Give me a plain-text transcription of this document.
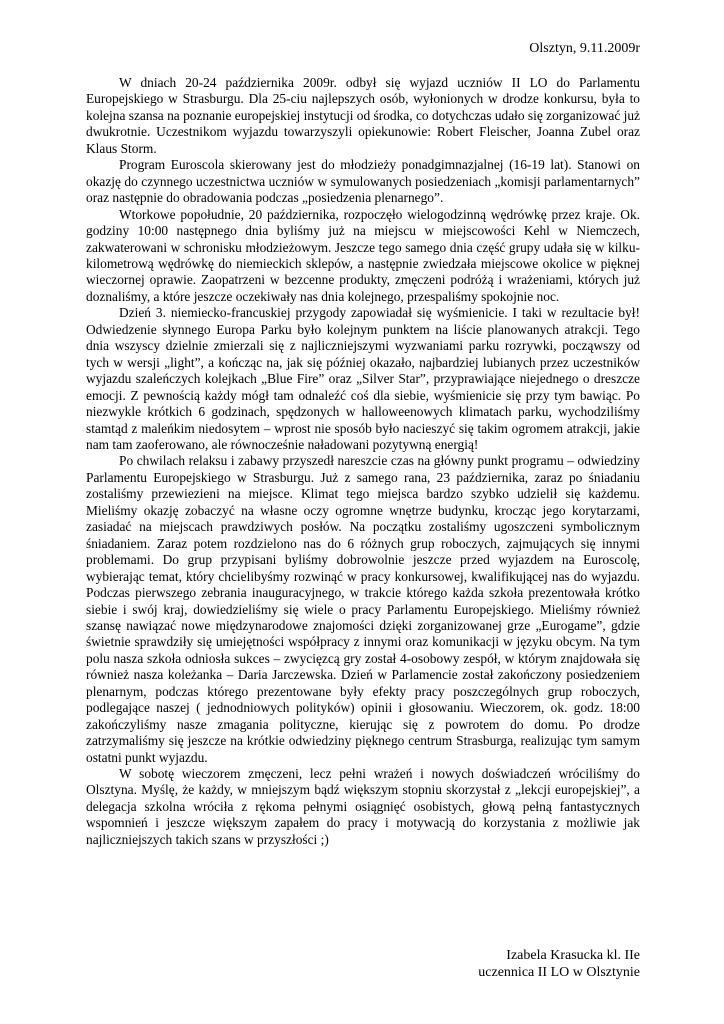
Olsztyn, 9.11.2009r

W dniach 20-24 października 2009r. odbył się wyjazd uczniów II LO do Parlamentu Europejskiego w Strasburgu. Dla 25-ciu najlepszych osób, wyłonionych w drodze konkursu, była to kolejna szansa na poznanie europejskiej instytucji od środka, co dotychczas udało się zorganizować już dwukrotnie. Uczestnikom wyjazdu towarzyszyli opiekunowie: Robert Fleischer, Joanna Zubel oraz Klaus Storm.

Program Euroscola skierowany jest do młodzieży ponadgimnazjalnej (16-19 lat). Stanowi on okazję do czynnego uczestnictwa uczniów w symulowanych posiedzeniach „komisji parlamentarnych” oraz następnie do obradowania podczas „posiedzenia plenarnego”.

Wtorkowe popołudnie, 20 października, rozpoczęło wielogodzinną wędrówkę przez kraje. Ok. godziny 10:00 następnego dnia byliśmy już na miejscu w miejscowości Kehl w Niemczech, zakwaterowani w schronisku młodzieżowym. Jeszcze tego samego dnia część grupy udała się w kilku-kilometrową wędrówkę do niemieckich sklepów, a następnie zwiedzała miejscowe okolice w pięknej wieczornej oprawie. Zaopatrzeni w bezcenne produkty, zmęczeni podróżą i wrażeniami, których już doznaliśmy, a które jeszcze oczekiwały nas dnia kolejnego, przespaliśmy spokojnie noc.

Dzień 3. niemiecko-francuskiej przygody zapowiadał się wyśmienicie. I taki w rezultacie był! Odwiedzenie słynnego Europa Parku było kolejnym punktem na liście planowanych atrakcji. Tego dnia wszyscy dzielnie zmierzali się z najliczniejszymi wyzwaniami parku rozrywki, począwszy od tych w wersji „light”, a kończąc na, jak się później okazało, najbardziej lubianych przez uczestników wyjazdu szaleńczych kolejkach „Blue Fire” oraz „Silver Star”, przyprawiające niejednego o dreszcze emocji. Z pewnością każdy mógł tam odnaleźć coś dla siebie, wyśmienicie się przy tym bawiąc. Po niezwykle krótkich 6 godzinach, spędzonych w halloweenowych klimatach parku, wychodziliśmy stamtąd z maleńkim niedosytem – wprost nie sposób było nacieszyć się takim ogromem atrakcji, jakie nam tam zaoferowano, ale równocześnie naładowani pozytywną energią!

Po chwilach relaksu i zabawy przyszedł nareszcie czas na główny punkt programu – odwiedziny Parlamentu Europejskiego w Strasburgu. Już z samego rana, 23 października, zaraz po śniadaniu zostaliśmy przewiezieni na miejsce. Klimat tego miejsca bardzo szybko udzielił się każdemu. Mieliśmy okazję zobaczyć na własne oczy ogromne wnętrze budynku, krocząc jego korytarzami, zasiadać na miejscach prawdziwych posłów. Na początku zostaliśmy ugoszczeni symbolicznym śniadaniem. Zaraz potem rozdzielono nas do 6 różnych grup roboczych, zajmujących się innymi problemami. Do grup przypisani byliśmy dobrowolnie jeszcze przed wyjazdem na Euroscolę, wybierając temat, który chcielibyśmy rozwinąć w pracy konkursowej, kwalifikującej nas do wyjazdu. Podczas pierwszego zebrania inauguracyjnego, w trakcie którego każda szkoła prezentowała krótko siebie i swój kraj, dowiedzieliśmy się wiele o pracy Parlamentu Europejskiego. Mieliśmy również szansę nawiązać nowe międzynarodowe znajomości dzięki zorganizowanej grze „Eurogame”, gdzie świetnie sprawdziły się umiejętności współpracy z innymi oraz komunikacji w języku obcym. Na tym polu nasza szkoła odniosła sukces – zwycięzcą gry został 4-osobowy zespół, w którym znajdowała się również nasza koleżanka – Daria Jarczewska. Dzień w Parlamencie został zakończony posiedzeniem plenarnym, podczas którego prezentowane były efekty pracy poszczególnych grup roboczych, podlegające naszej ( jednodniowych polityków) opinii i głosowaniu. Wieczorem, ok. godz. 18:00 zakończyliśmy nasze zmagania polityczne, kierując się z powrotem do domu. Po drodze zatrzymaliśmy się jeszcze na krótkie odwiedziny pięknego centrum Strasburga, realizując tym samym ostatni punkt wyjazdu.

W sobotę wieczorem zmęczeni, lecz pełni wrażeń i nowych doświadczeń wróciliśmy do Olsztyna. Myślę, że każdy, w mniejszym bądź większym stopniu skorzystał z „lekcji europejskiej”, a delegacja szkolna wróciła z rękoma pełnymi osiągnięć osobistych, głową pełną fantastycznych wspomnień i jeszcze większym zapałem do pracy i motywacją do korzystania z możliwie jak najliczniejszych takich szans w przyszłości ;)

Izabela Krasucka kl. IIe
uczennica II LO w Olsztynie
